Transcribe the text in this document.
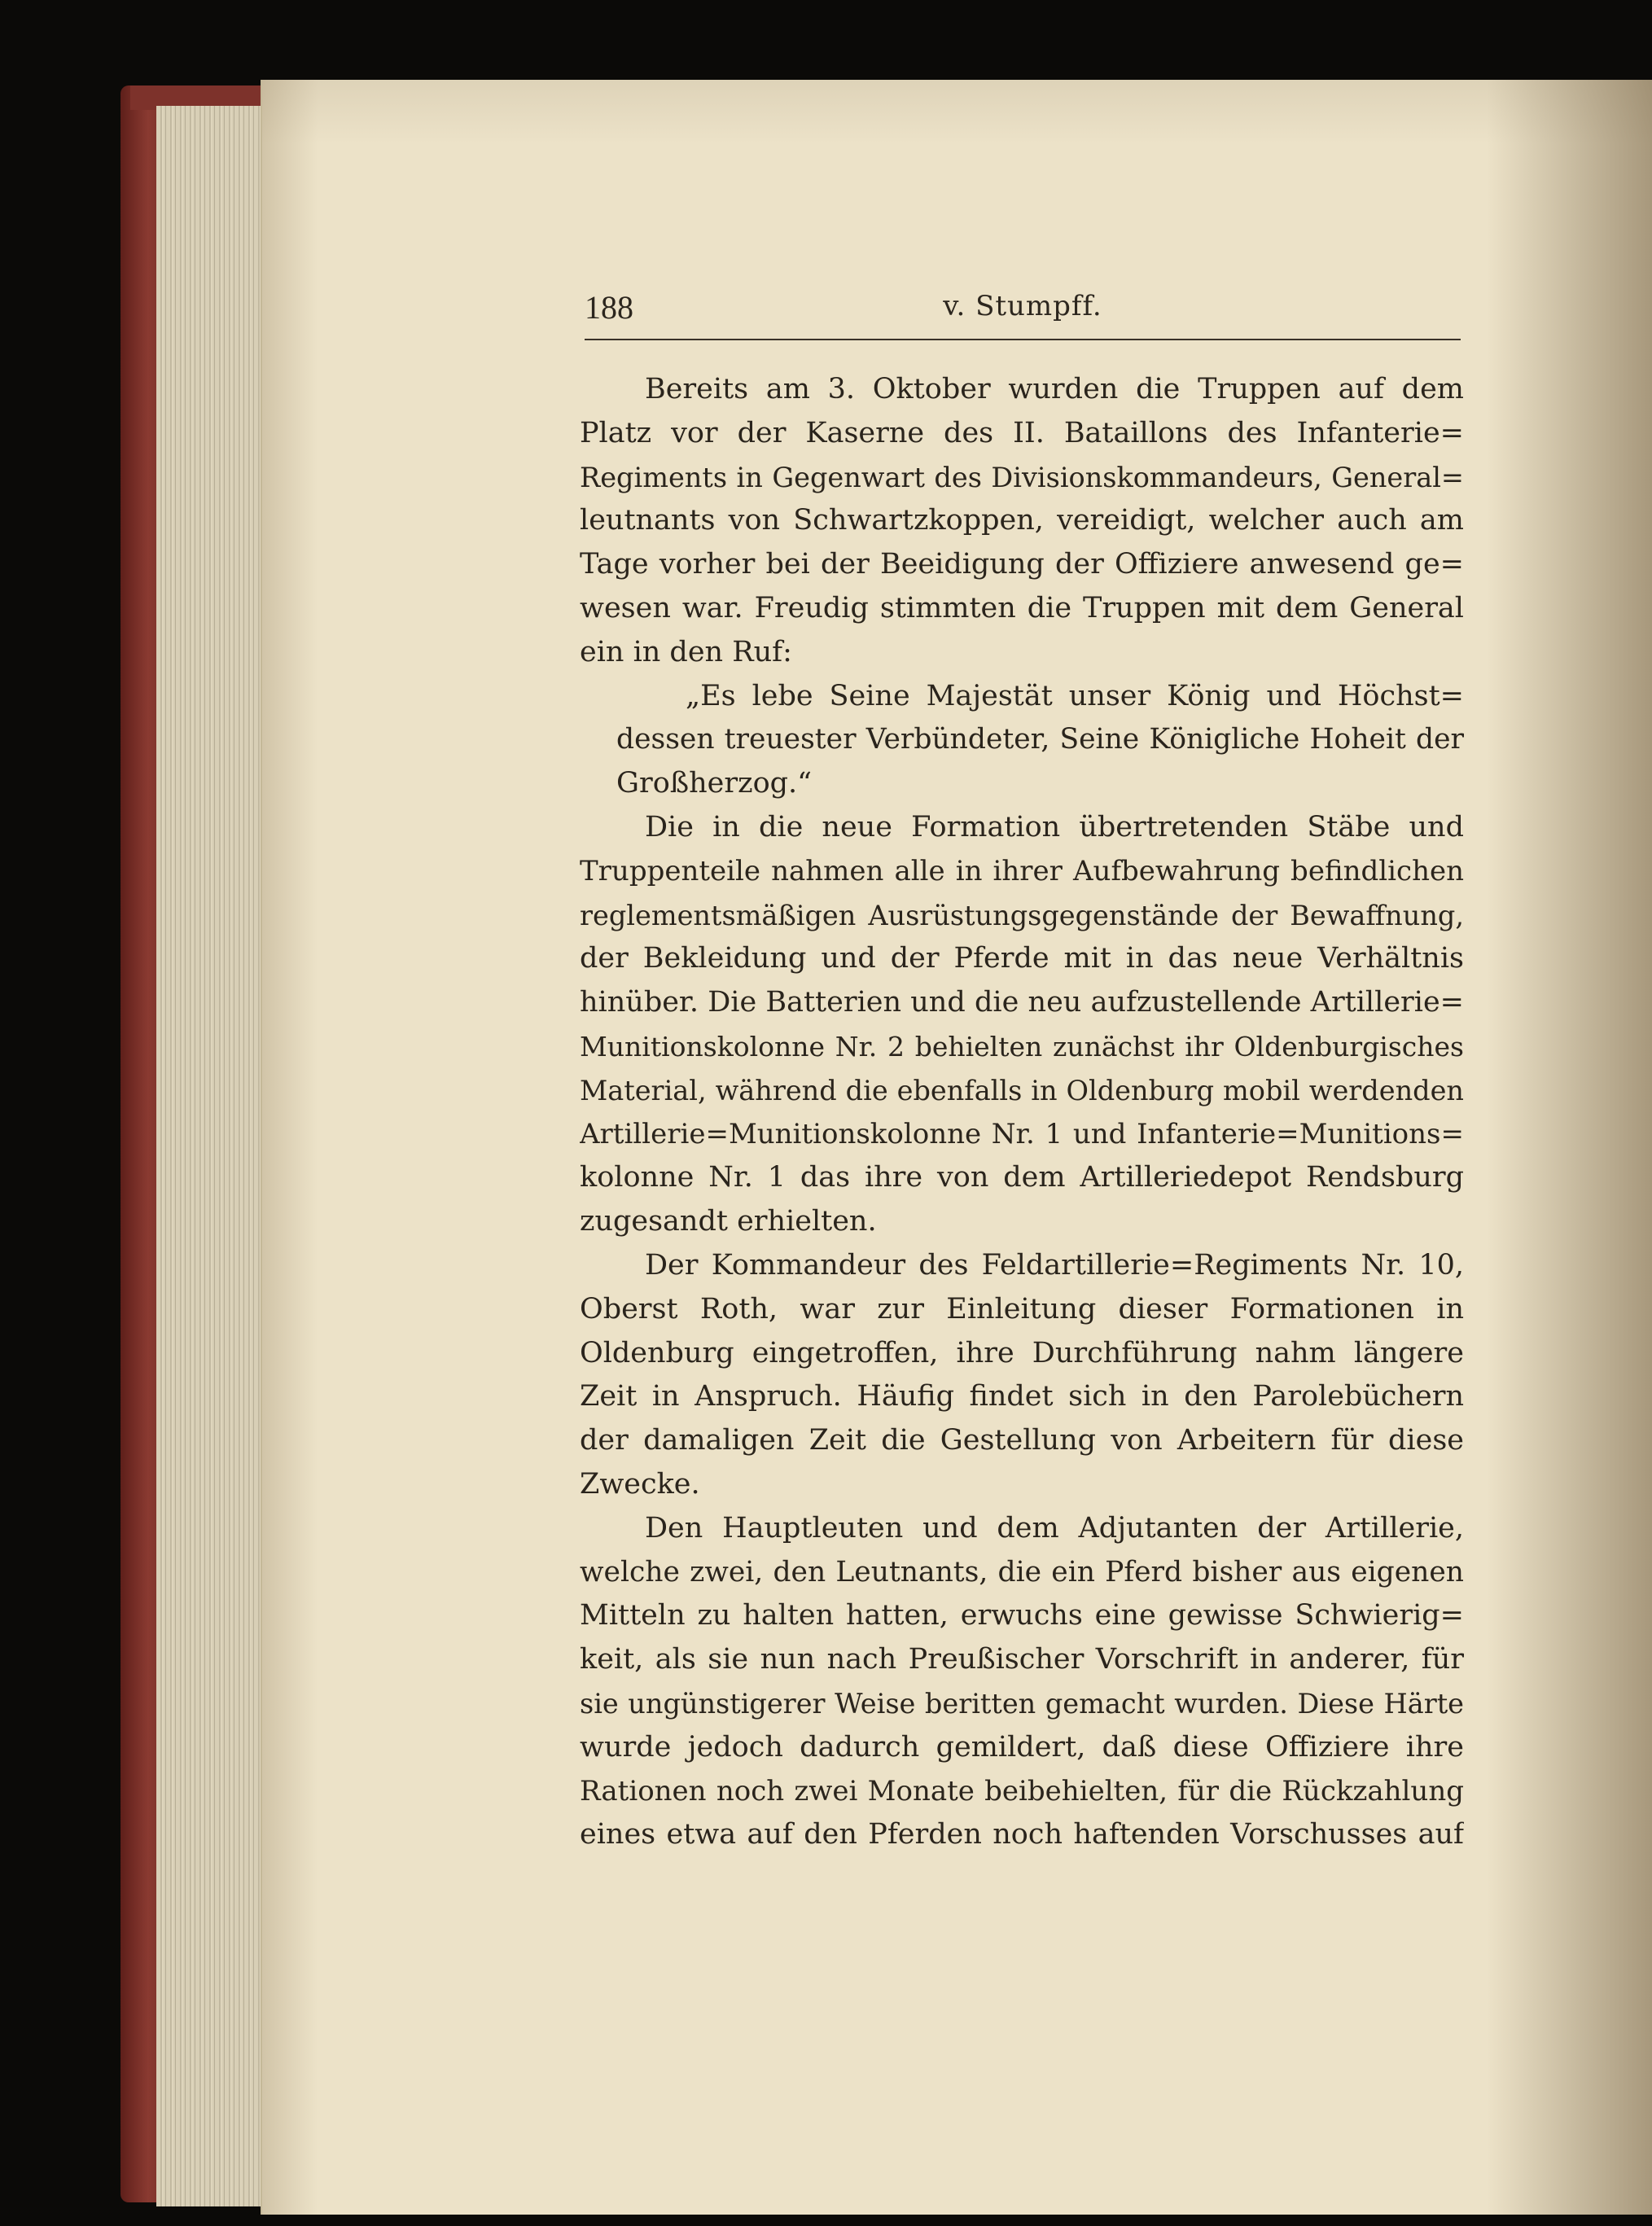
188	v. Stumpff.
Bereits am 3. Oktober wurden die Truppen auf dem
Platz vor der Kaserne des II. Bataillons des Infanterie=
Regiments in Gegenwart des Divisionskommandeurs, General=
leutnants von Schwartzkoppen, vereidigt, welcher auch am
Tage vorher bei der Beeidigung der Offiziere anwesend ge=
wesen war. Freudig stimmten die Truppen mit dem General
ein in den Ruf:
„Es lebe Seine Majestät unser König und Höchst=
dessen treuester Verbündeter, Seine Königliche Hoheit der
Großherzog.“
Die in die neue Formation übertretenden Stäbe und
Truppenteile nahmen alle in ihrer Aufbewahrung befindlichen
reglementsmäßigen Ausrüstungsgegenstände der Bewaffnung,
der Bekleidung und der Pferde mit in das neue Verhältnis
hinüber. Die Batterien und die neu aufzustellende Artillerie=
Munitionskolonne Nr. 2 behielten zunächst ihr Oldenburgisches
Material, während die ebenfalls in Oldenburg mobil werdenden
Artillerie=Munitionskolonne Nr. 1 und Infanterie=Munitions=
kolonne Nr. 1 das ihre von dem Artilleriedepot Rendsburg
zugesandt erhielten.
Der Kommandeur des Feldartillerie=Regiments Nr. 10,
Oberst Roth, war zur Einleitung dieser Formationen in
Oldenburg eingetroffen, ihre Durchführung nahm längere
Zeit in Anspruch. Häufig findet sich in den Parolebüchern
der damaligen Zeit die Gestellung von Arbeitern für diese
Zwecke.
Den Hauptleuten und dem Adjutanten der Artillerie,
welche zwei, den Leutnants, die ein Pferd bisher aus eigenen
Mitteln zu halten hatten, erwuchs eine gewisse Schwierig=
keit, als sie nun nach Preußischer Vorschrift in anderer, für
sie ungünstigerer Weise beritten gemacht wurden. Diese Härte
wurde jedoch dadurch gemildert, daß diese Offiziere ihre
Rationen noch zwei Monate beibehielten, für die Rückzahlung
eines etwa auf den Pferden noch haftenden Vorschusses auf
